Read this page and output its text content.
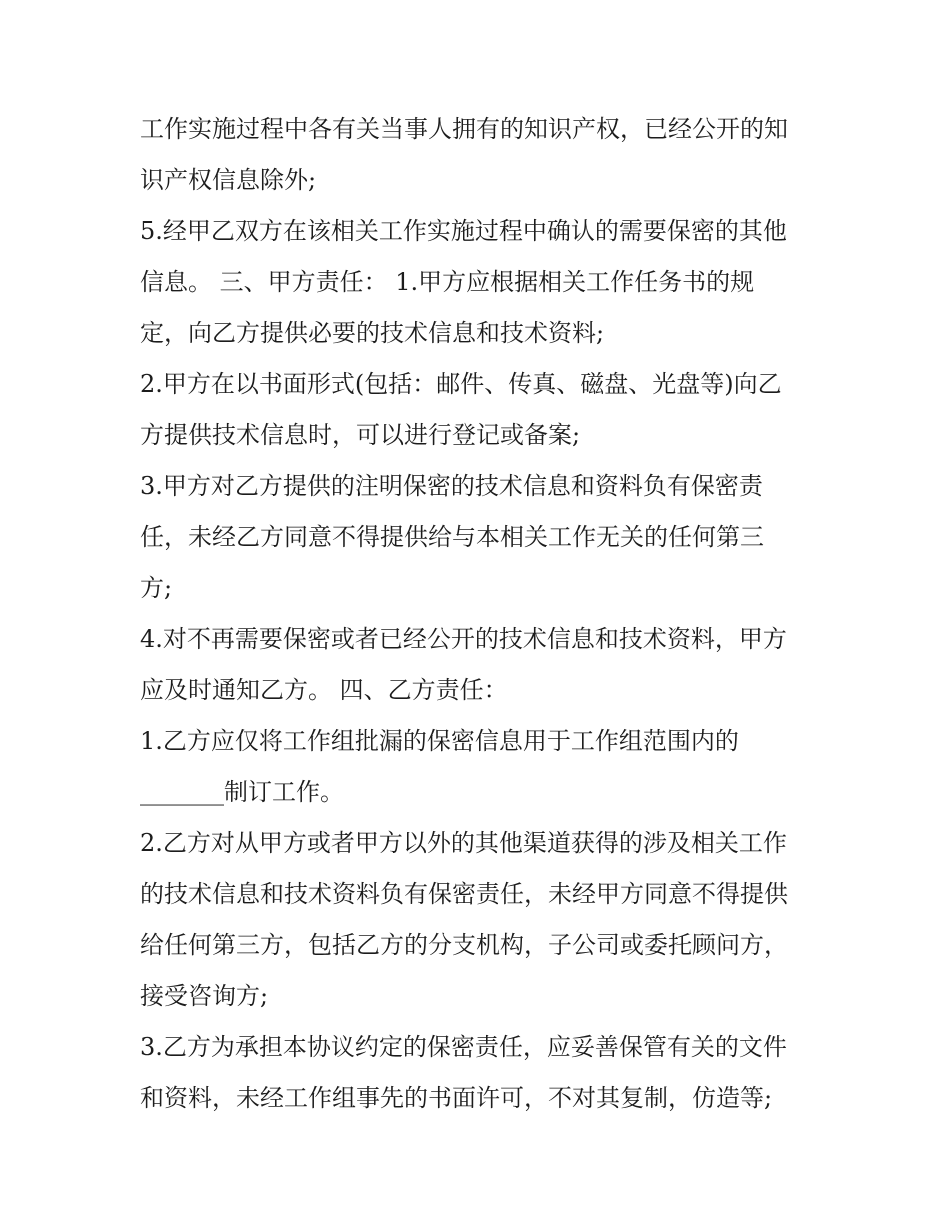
工作实施过程中各有关当事人拥有的知识产权，已经公开的知
识产权信息除外;
5.经甲乙双方在该相关工作实施过程中确认的需要保密的其他
信息。 三、甲方责任： 1.甲方应根据相关工作任务书的规
定，向乙方提供必要的技术信息和技术资料;
2.甲方在以书面形式(包括：邮件、传真、磁盘、光盘等)向乙
方提供技术信息时，可以进行登记或备案;
3.甲方对乙方提供的注明保密的技术信息和资料负有保密责
任，未经乙方同意不得提供给与本相关工作无关的任何第三
方;
4.对不再需要保密或者已经公开的技术信息和技术资料，甲方
应及时通知乙方。 四、乙方责任：
1.乙方应仅将工作组批漏的保密信息用于工作组范围内的
_______制订工作。
2.乙方对从甲方或者甲方以外的其他渠道获得的涉及相关工作
的技术信息和技术资料负有保密责任，未经甲方同意不得提供
给任何第三方，包括乙方的分支机构，子公司或委托顾问方，
接受咨询方;
3.乙方为承担本协议约定的保密责任，应妥善保管有关的文件
和资料，未经工作组事先的书面许可，不对其复制，仿造等;
